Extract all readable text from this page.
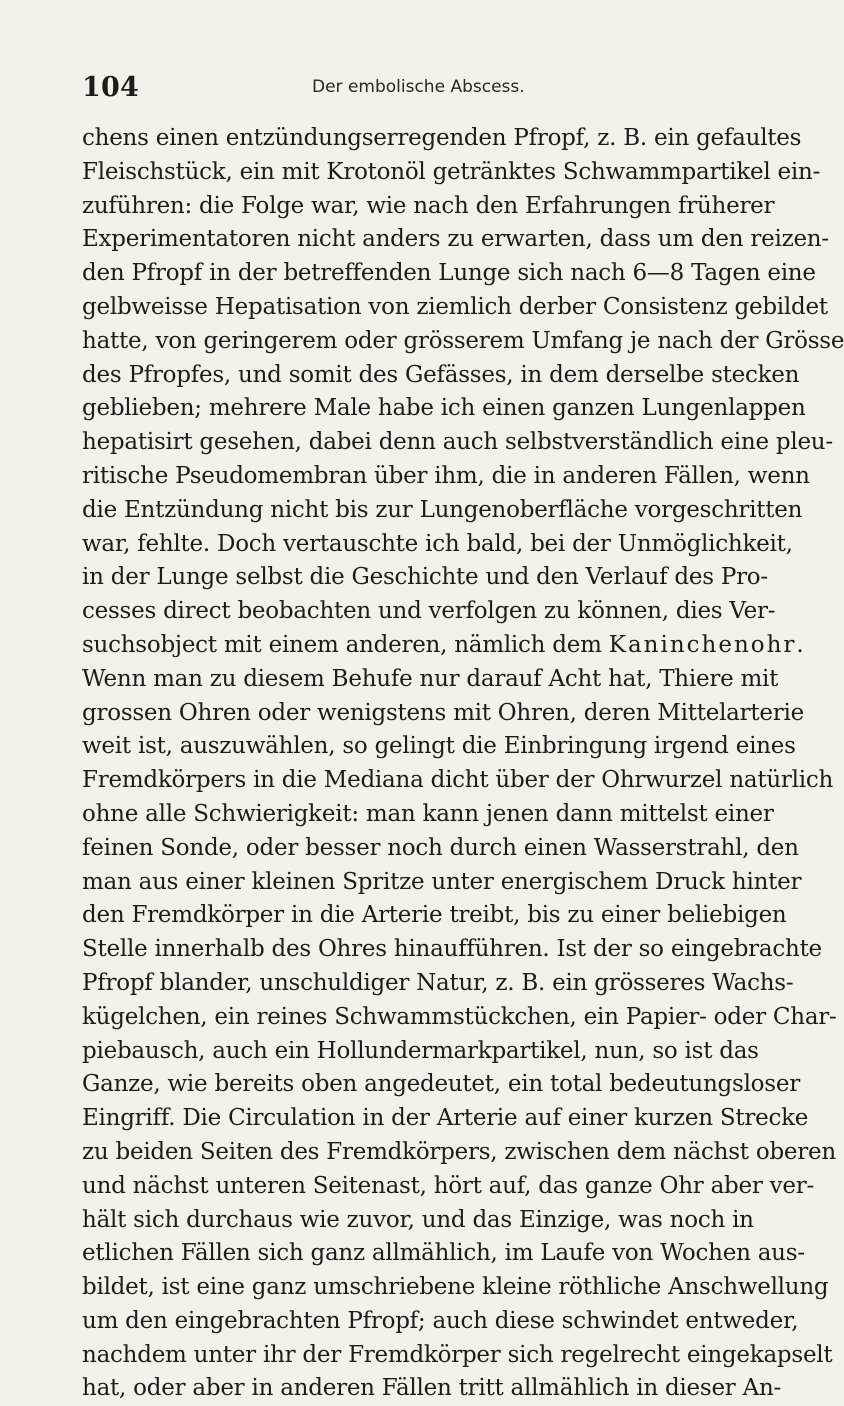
104	Der embolische Abscess.
chens einen entzündungserregenden Pfropf, z. B. ein gefaultes
Fleischstück, ein mit Krotonöl getränktes Schwammpartikel ein-
zuführen: die Folge war, wie nach den Erfahrungen früherer
Experimentatoren nicht anders zu erwarten, dass um den reizen-
den Pfropf in der betreffenden Lunge sich nach 6—8 Tagen eine
gelbweisse Hepatisation von ziemlich derber Consistenz gebildet
hatte, von geringerem oder grösserem Umfang je nach der Grösse
des Pfropfes, und somit des Gefässes, in dem derselbe stecken
geblieben; mehrere Male habe ich einen ganzen Lungenlappen
hepatisirt gesehen, dabei denn auch selbstverständlich eine pleu-
ritische Pseudomembran über ihm, die in anderen Fällen, wenn
die Entzündung nicht bis zur Lungenoberfläche vorgeschritten
war, fehlte. Doch vertauschte ich bald, bei der Unmöglichkeit,
in der Lunge selbst die Geschichte und den Verlauf des Pro-
cesses direct beobachten und verfolgen zu können, dies Ver-
suchsobject mit einem anderen, nämlich dem Kaninchenohr.
Wenn man zu diesem Behufe nur darauf Acht hat, Thiere mit
grossen Ohren oder wenigstens mit Ohren, deren Mittelarterie
weit ist, auszuwählen, so gelingt die Einbringung irgend eines
Fremdkörpers in die Mediana dicht über der Ohrwurzel natürlich
ohne alle Schwierigkeit: man kann jenen dann mittelst einer
feinen Sonde, oder besser noch durch einen Wasserstrahl, den
man aus einer kleinen Spritze unter energischem Druck hinter
den Fremdkörper in die Arterie treibt, bis zu einer beliebigen
Stelle innerhalb des Ohres hinaufführen. Ist der so eingebrachte
Pfropf blander, unschuldiger Natur, z. B. ein grösseres Wachs-
kügelchen, ein reines Schwammstückchen, ein Papier- oder Char-
piebausch, auch ein Hollundermarkpartikel, nun, so ist das
Ganze, wie bereits oben angedeutet, ein total bedeutungsloser
Eingriff. Die Circulation in der Arterie auf einer kurzen Strecke
zu beiden Seiten des Fremdkörpers, zwischen dem nächst oberen
und nächst unteren Seitenast, hört auf, das ganze Ohr aber ver-
hält sich durchaus wie zuvor, und das Einzige, was noch in
etlichen Fällen sich ganz allmählich, im Laufe von Wochen aus-
bildet, ist eine ganz umschriebene kleine röthliche Anschwellung
um den eingebrachten Pfropf; auch diese schwindet entweder,
nachdem unter ihr der Fremdkörper sich regelrecht eingekapselt
hat, oder aber in anderen Fällen tritt allmählich in dieser An-
